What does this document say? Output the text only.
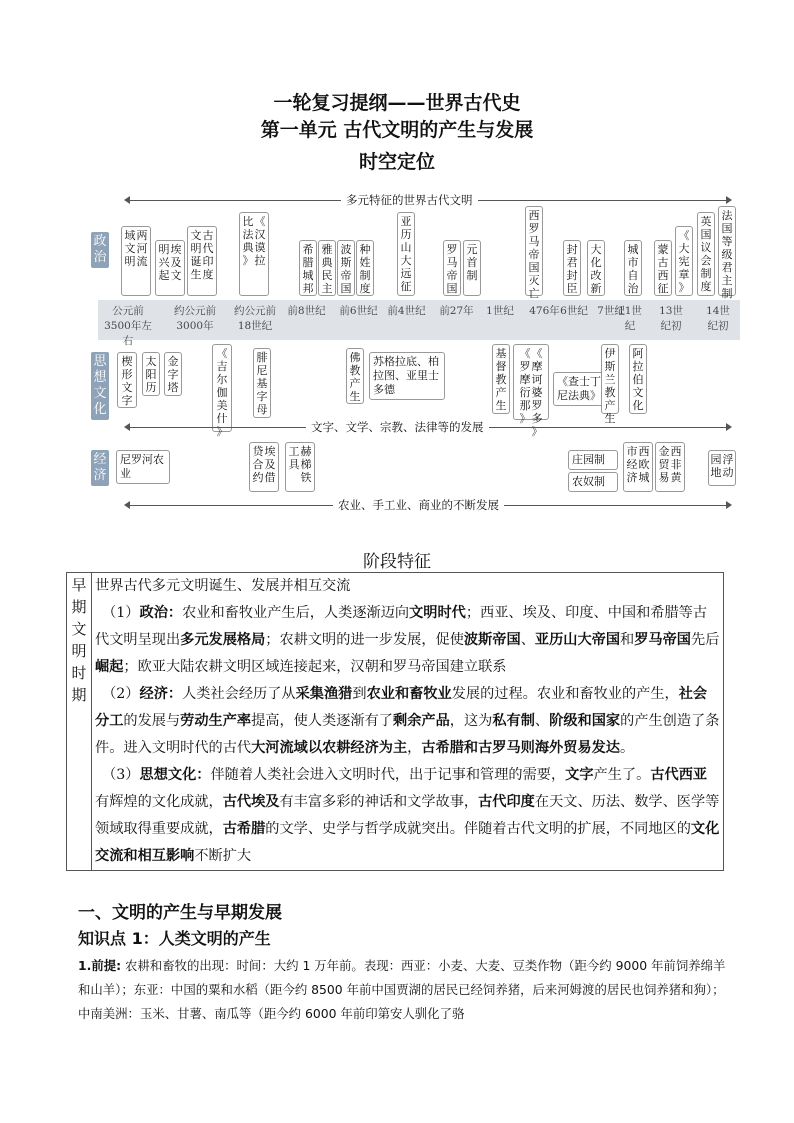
一轮复习提纲——世界古代史
第一单元 古代文明的产生与发展
时空定位
多元特征的世界古代文明
政治
思想文化
经济
两
河
流
域
文
明
埃
及
文
明
兴
起
古
代
印
度
文
明
诞
生
《
汉
谟
拉
比
法
典
》
希
腊
城
邦
雅
典
民
主
波
斯
帝
国
种
姓
制
度
亚
历
山
大
远
征
罗
马
帝
国
元
首
制
西
罗
马
帝
国
灭
亡
封
君
封
臣
大
化
改
新
城
市
自
治
蒙
古
西
征
《
大
宪
章
》
英
国
议
会
制
度
法
国
等
级
君
主
制
公元前3500年左右
约公元前3000年
约公元前18世纪
前8世纪	前6世纪 前4世纪	前27年	1世纪	476年 6世纪 7世纪
11世纪
13世纪初
14世纪初
楔
形
文
字
太
阳
历
金
字
塔
《
吉
尔
伽
美
什
》
腓
尼
基
字
母
佛
教
产
生
苏格拉底、柏拉图、亚里士多德
基
督
教
产
生
《
摩
诃
婆
罗
多
》
《
罗
摩
衍
那
》
《查士丁尼法典》
伊
斯
兰
教
产
生
阿
拉
伯
文
化
文字、文学、宗教、法律等的发展
尼罗河农业
埃
及
借
贷
合
约
赫
梯
铁
工
具	庄园制
农奴制
西
欧
城
市
经
济
西
非
黄
金
贸
易
浮
动
园
地
农业、手工业、商业的不断发展
阶段特征
早
期
文
明
时
期

世界古代多元文明诞生、发展并相互交流
　（1）政治：农业和畜牧业产生后，人类逐渐迈向文明时代；西亚、埃及、印度、中国和希腊等古代文明呈现出多元发展格局；农耕文明的进一步发展，促使波斯帝国、亚历山大帝国和罗马帝国先后崛起；欧亚大陆农耕文明区域连接起来，汉朝和罗马帝国建立联系
　（2）经济：人类社会经历了从采集渔猎到农业和畜牧业发展的过程。农业和畜牧业的产生，社会分工的发展与劳动生产率提高，使人类逐渐有了剩余产品，这为私有制、阶级和国家的产生创造了条件。进入文明时代的古代大河流域以农耕经济为主，古希腊和古罗马则海外贸易发达。
　（3）思想文化：伴随着人类社会进入文明时代，出于记事和管理的需要，文字产生了。古代西亚有辉煌的文化成就，古代埃及有丰富多彩的神话和文学故事，古代印度在天文、历法、数学、医学等领域取得重要成就，古希腊的文学、史学与哲学成就突出。伴随着古代文明的扩展，不同地区的文化交流和相互影响不断扩大
一、文明的产生与早期发展
知识点 1：人类文明的产生
1.前提: 农耕和畜牧的出现：时间：大约 1 万年前。表现：西亚：小麦、大麦、豆类作物（距今约 9000 年前饲养绵羊和山羊）；东亚：中国的粟和水稻（距今约 8500 年前中国贾湖的居民已经饲养猪，后来河姆渡的居民也饲养猪和狗）；中南美洲：玉米、甘薯、南瓜等（距今约 6000 年前印第安人驯化了骆
